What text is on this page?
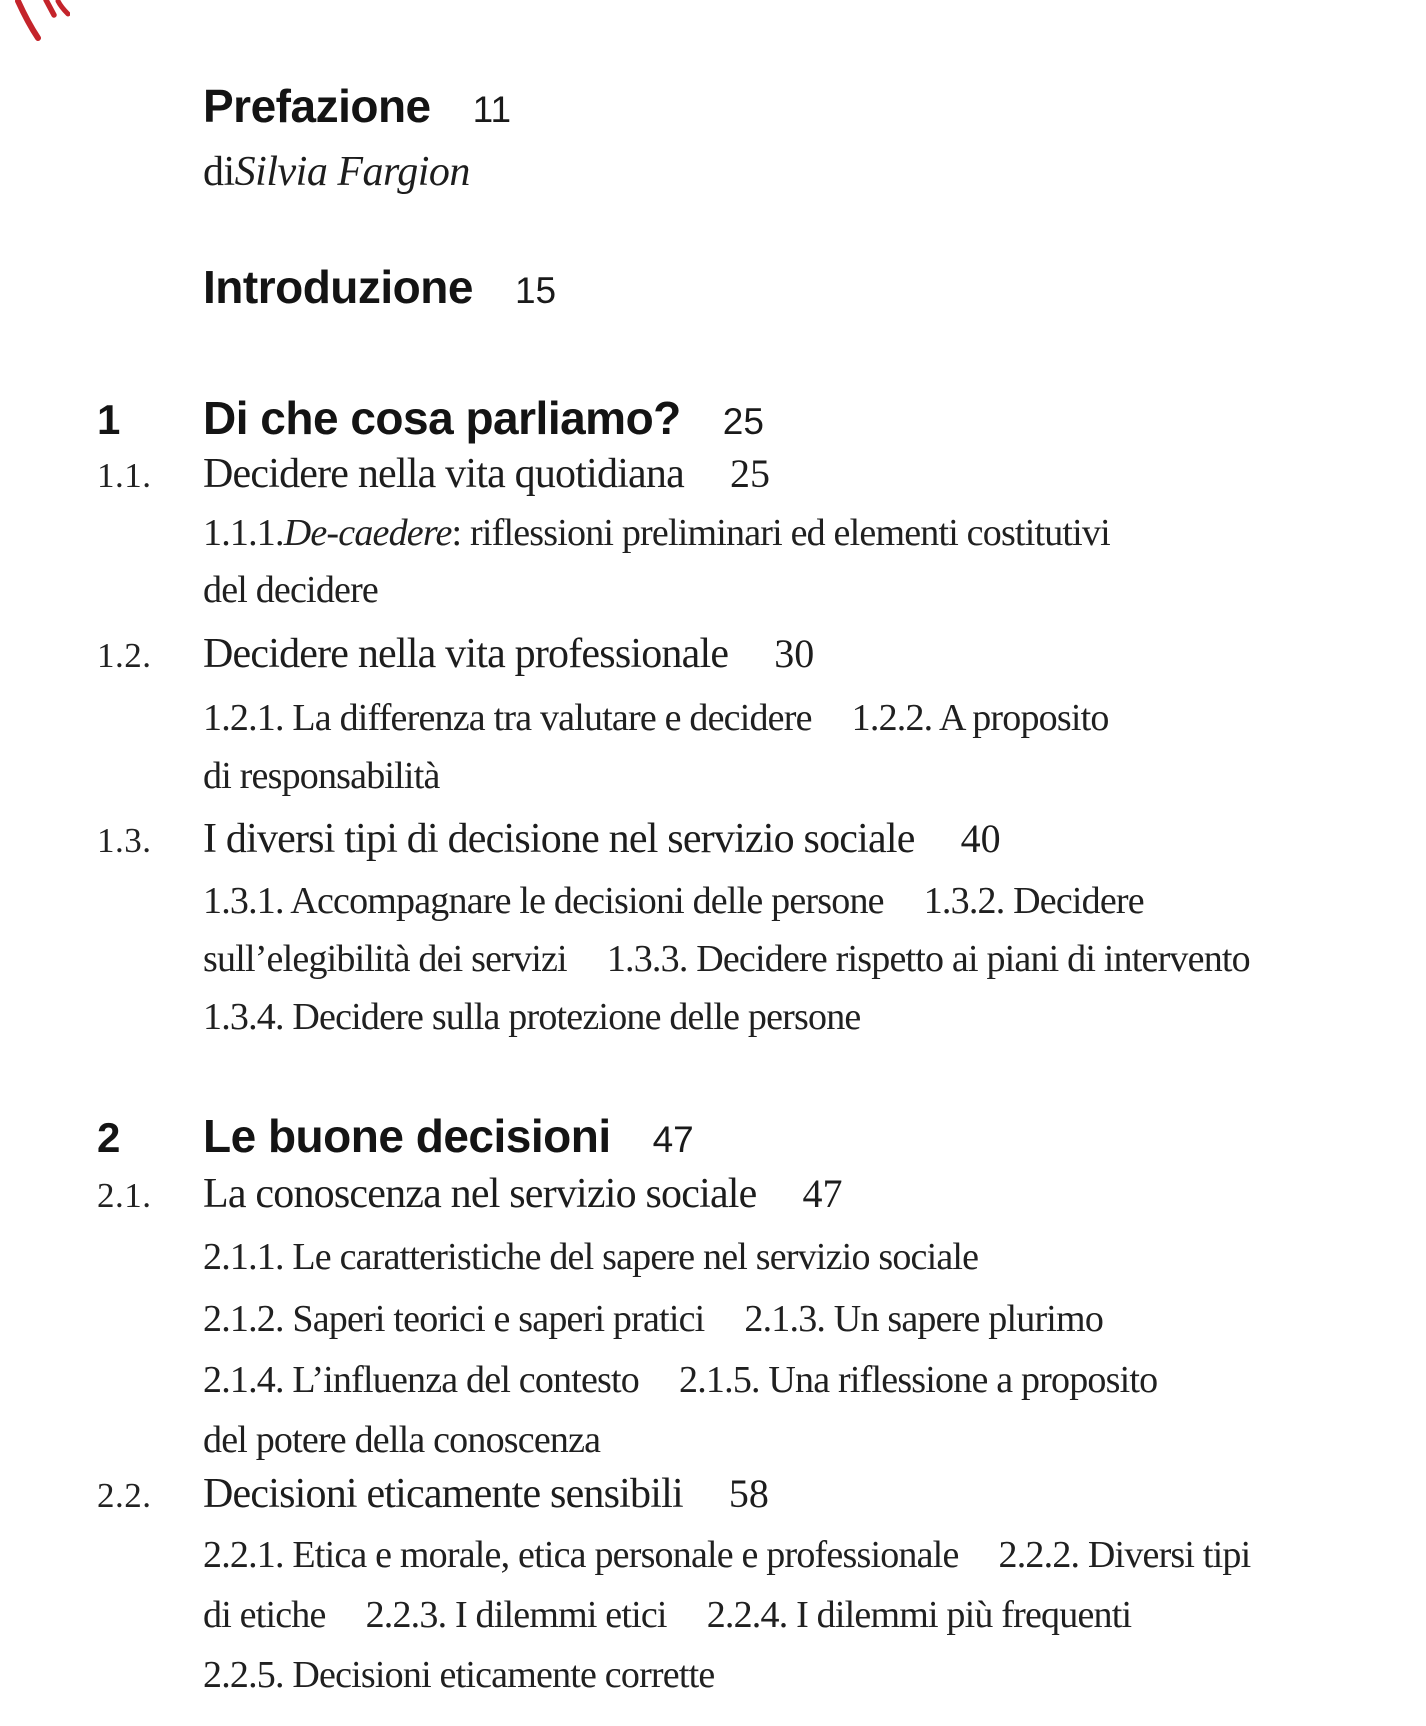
Prefazione 11
di Silvia Fargion
Introduzione 15
1	Di che cosa parliamo? 25
1.1.	Decidere nella vita quotidiana 25
1.1.1. De-caedere : riflessioni preliminari ed elementi costitutivi
del decidere
1.2.	Decidere nella vita professionale 30
1.2.1. La differenza tra valutare e decidere 1.2.2. A proposito
di responsabilità
1.3.	I diversi tipi di decisione nel servizio sociale 40
1.3.1. Accompagnare le decisioni delle persone 1.3.2. Decidere
sull’elegibilità dei servizi 1.3.3. Decidere rispetto ai piani di intervento
1.3.4. Decidere sulla protezione delle persone
2	Le buone decisioni 47
2.1.	La conoscenza nel servizio sociale 47
2.1.1. Le caratteristiche del sapere nel servizio sociale
2.1.2. Saperi teorici e saperi pratici 2.1.3. Un sapere plurimo
2.1.4. L’influenza del contesto 2.1.5. Una riflessione a proposito
del potere della conoscenza
2.2.	Decisioni eticamente sensibili 58
2.2.1. Etica e morale, etica personale e professionale 2.2.2. Diversi tipi
di etiche 2.2.3. I dilemmi etici 2.2.4. I dilemmi più frequenti
2.2.5. Decisioni eticamente corrette
